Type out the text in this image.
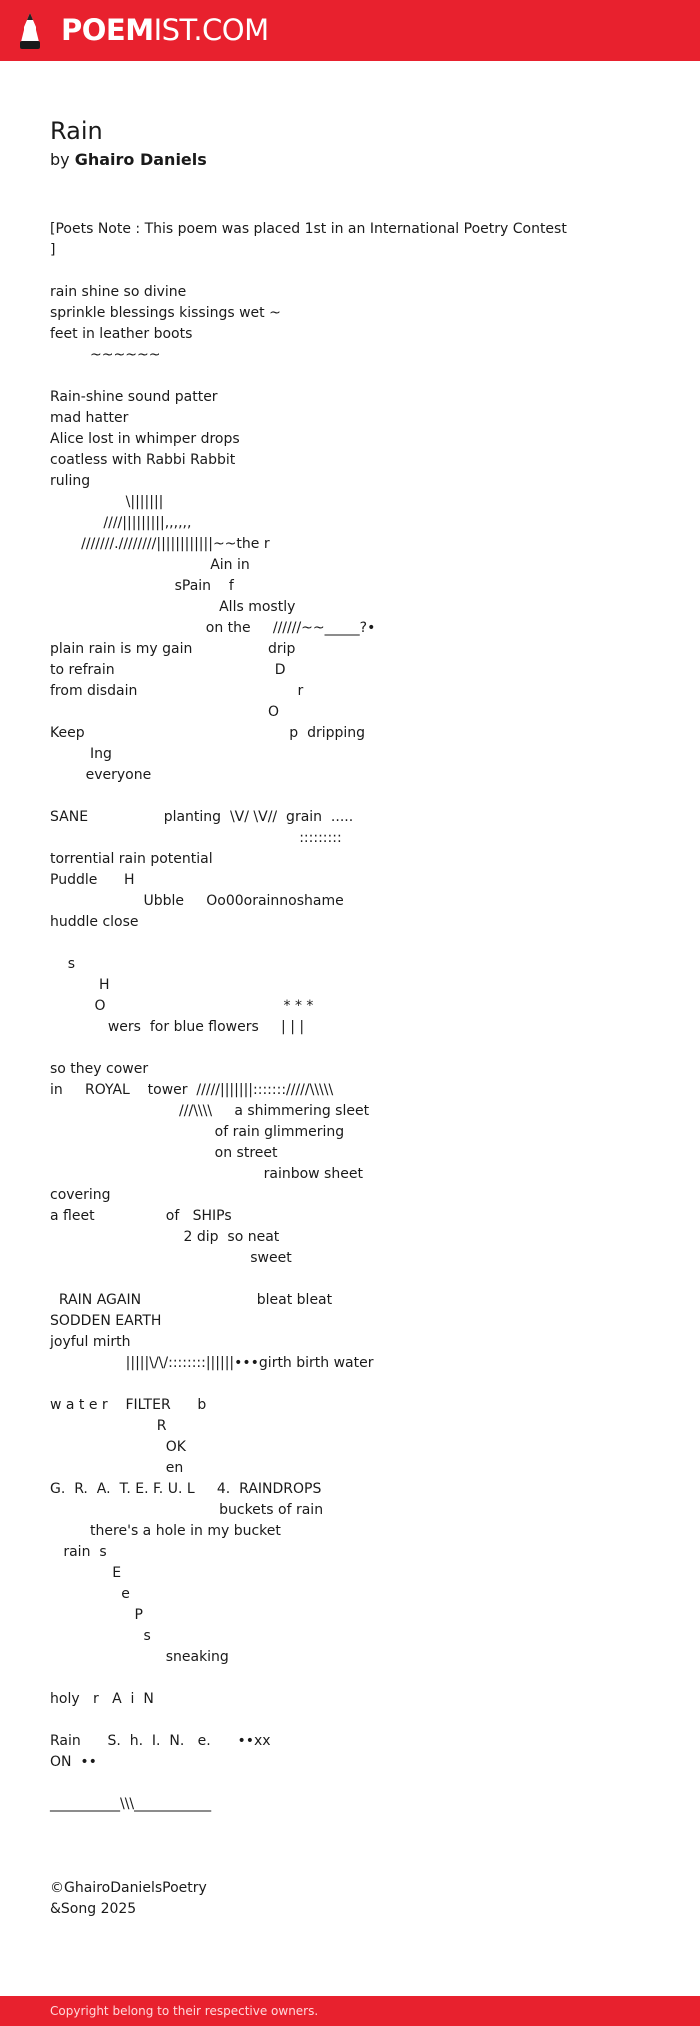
POEMIST.COM
Rain
by Ghairo Daniels
[Poets Note : This poem was placed 1st in an International Poetry Contest
]
rain shine so divine
sprinkle blessings kissings wet ~
feet in leather boots
~~~~~~
Rain-shine sound patter
mad hatter
Alice lost in whimper drops
coatless with Rabbi Rabbit
ruling
\|||||||
////|||||||||,,,,,,
///////.////////||||||||||||~~the r
Ain in
sPain    f
Alls mostly
on the     //////~~_____?•
plain rain is my gain                 drip
to refrain                                    D
from disdain                                    r
O
Keep                                              p  dripping
Ing
everyone
SANE                 planting  \V/ \V//  grain  .....
:::::::::
torrential rain potential
Puddle      H
Ubble     Oo00orainnoshame
huddle close
s
H
O                                        * * *
wers  for blue flowers     | | |
so they cower
in     ROYAL    tower  /////|||||||::::::://///\\\\\
///\\\\     a shimmering sleet
of rain glimmering
on street
rainbow sheet
covering
a fleet                of   SHIPs
2 dip  so neat
sweet
RAIN AGAIN                          bleat bleat
SODDEN EARTH
joyful mirth
|||||\/\/::::::::||||||•••girth birth water
w a t e r    FILTER      b
R
OK
en
G.  R.  A.  T. E. F. U. L     4.  RAINDROPS
buckets of rain
there's a hole in my bucket
rain  s
E
e
P
s
sneaking
holy   r   A  i  N
Rain      S.  h.  I.  N.   e.      ••xx
ON  ••
__________\\\___________
©GhairoDanielsPoetry
&Song 2025
Copyright belong to their respective owners.
